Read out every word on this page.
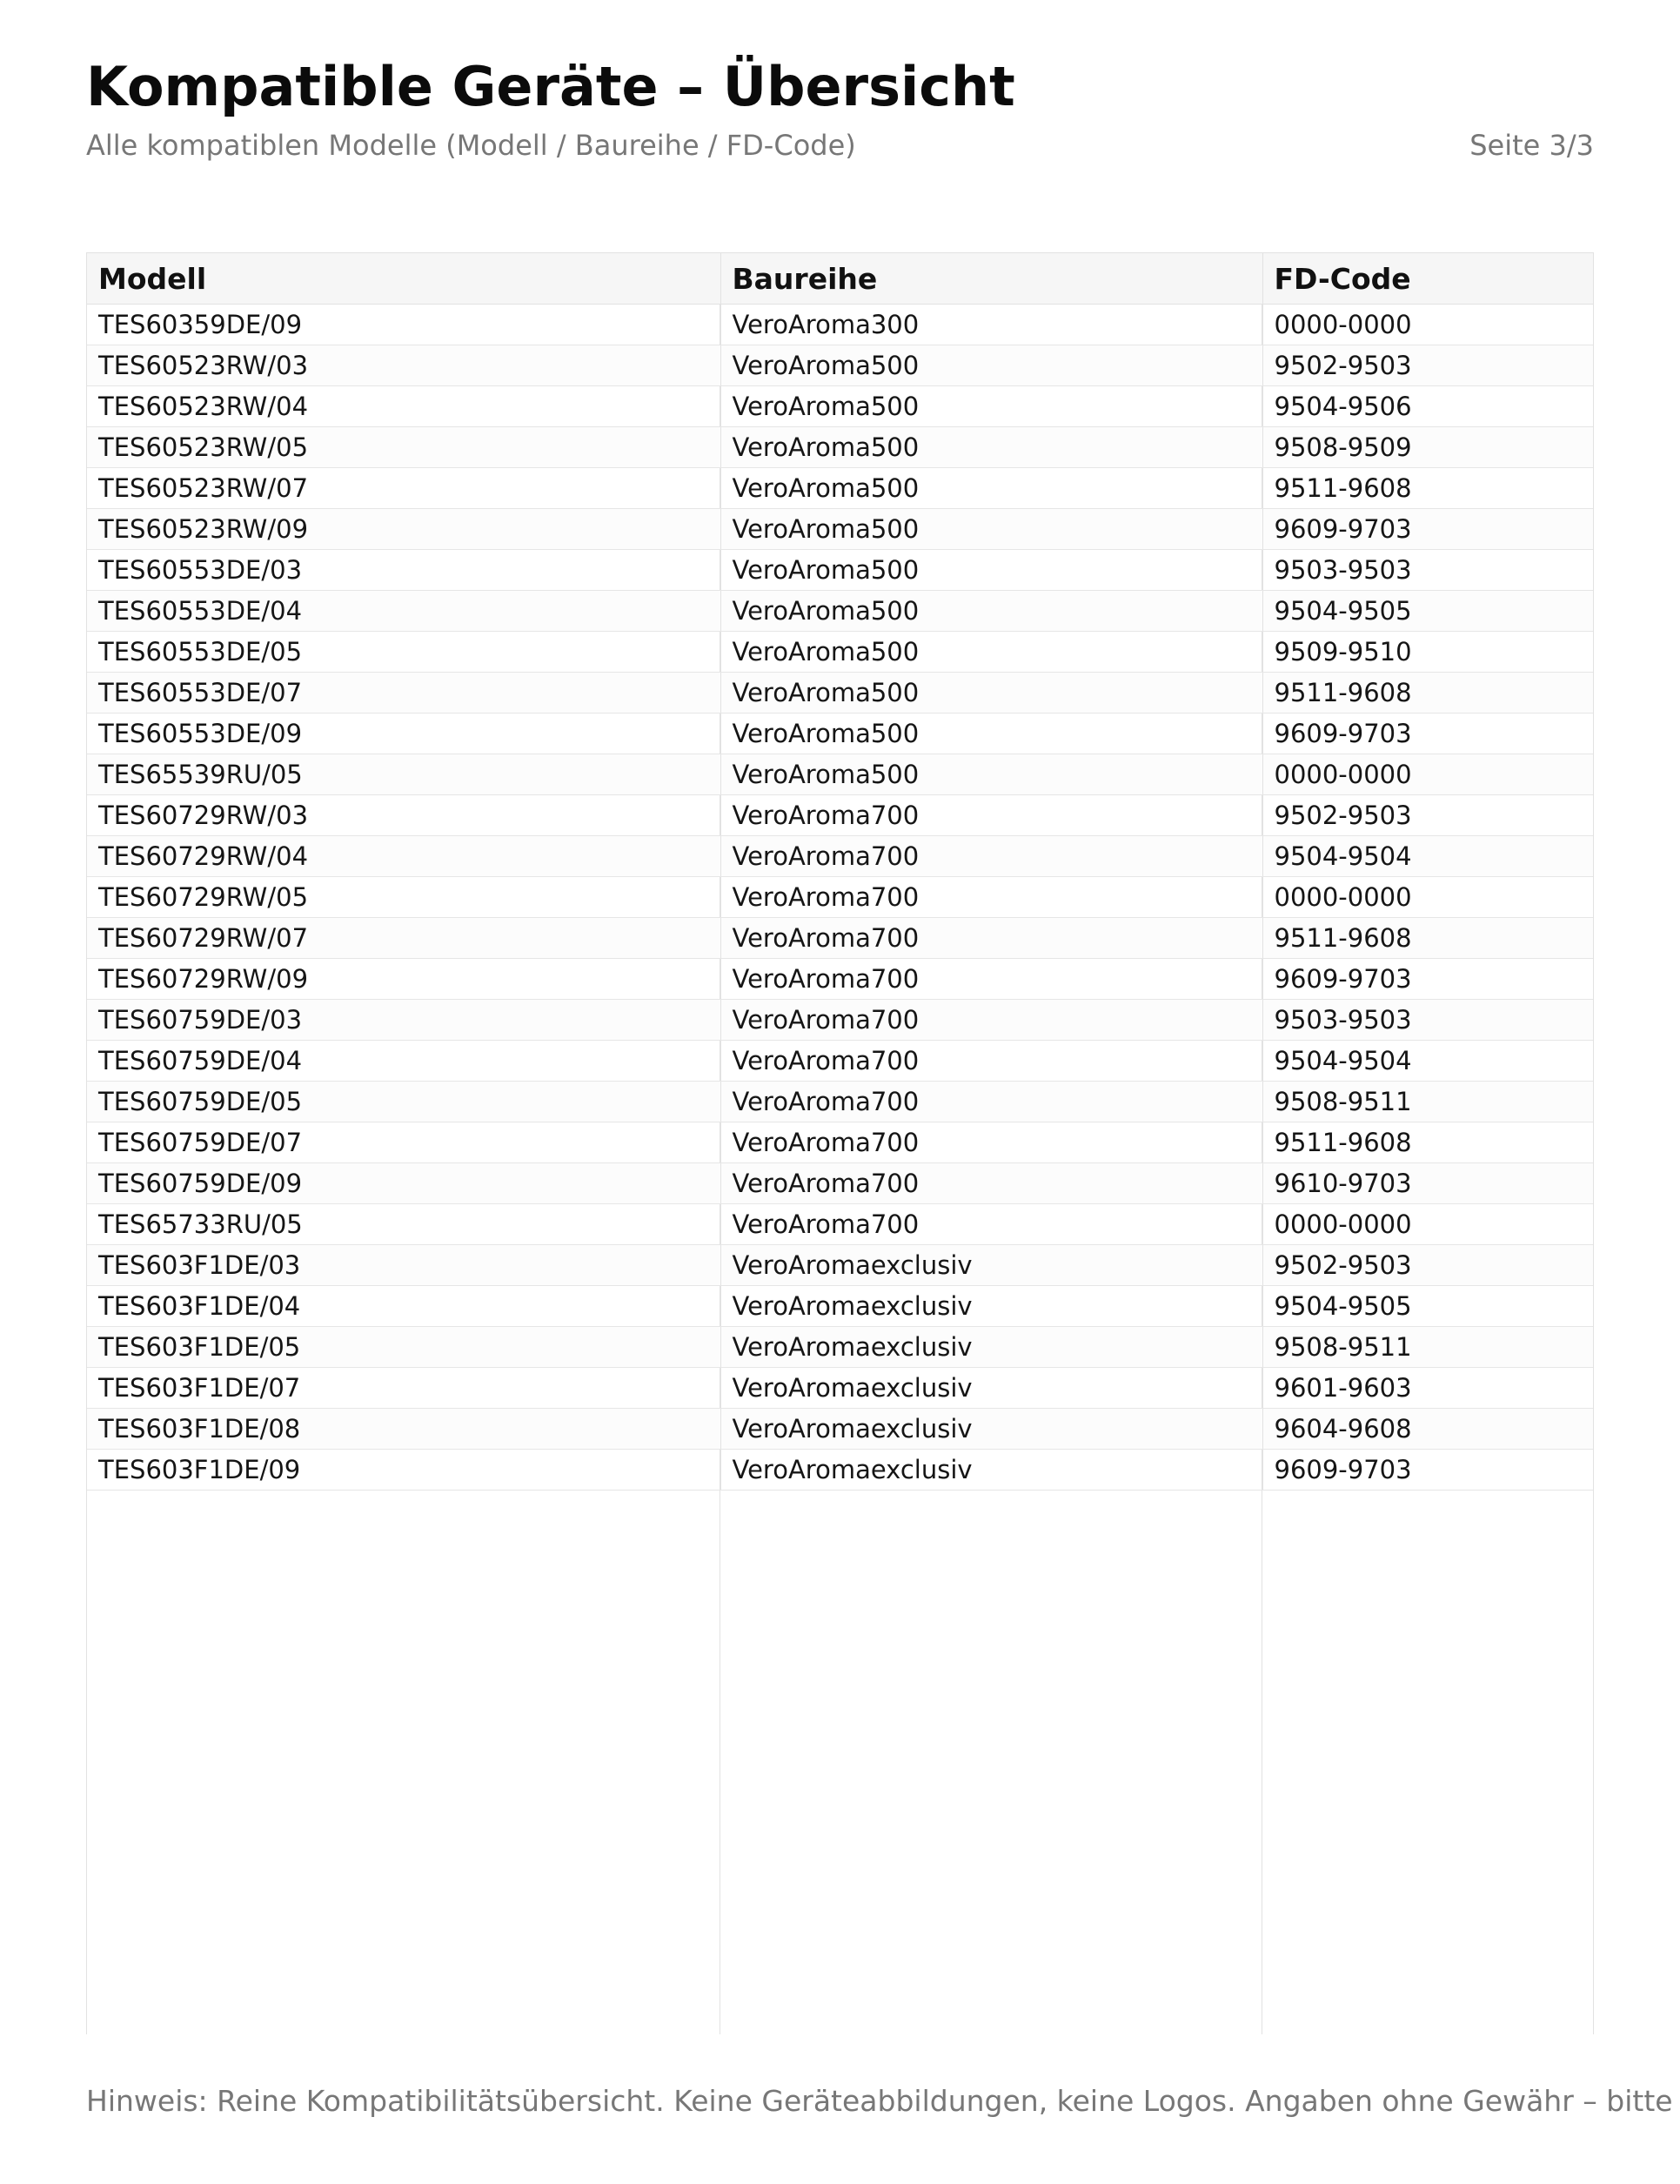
Kompatible Geräte – Übersicht
Alle kompatiblen Modelle (Modell / Baureihe / FD-Code)	Seite 3/3
Modell	Baureihe	FD-Code
TES60359DE/09	VeroAroma300	0000-0000
TES60523RW/03	VeroAroma500	9502-9503
TES60523RW/04	VeroAroma500	9504-9506
TES60523RW/05	VeroAroma500	9508-9509
TES60523RW/07	VeroAroma500	9511-9608
TES60523RW/09	VeroAroma500	9609-9703
TES60553DE/03	VeroAroma500	9503-9503
TES60553DE/04	VeroAroma500	9504-9505
TES60553DE/05	VeroAroma500	9509-9510
TES60553DE/07	VeroAroma500	9511-9608
TES60553DE/09	VeroAroma500	9609-9703
TES65539RU/05	VeroAroma500	0000-0000
TES60729RW/03	VeroAroma700	9502-9503
TES60729RW/04	VeroAroma700	9504-9504
TES60729RW/05	VeroAroma700	0000-0000
TES60729RW/07	VeroAroma700	9511-9608
TES60729RW/09	VeroAroma700	9609-9703
TES60759DE/03	VeroAroma700	9503-9503
TES60759DE/04	VeroAroma700	9504-9504
TES60759DE/05	VeroAroma700	9508-9511
TES60759DE/07	VeroAroma700	9511-9608
TES60759DE/09	VeroAroma700	9610-9703
TES65733RU/05	VeroAroma700	0000-0000
TES603F1DE/03	VeroAromaexclusiv	9502-9503
TES603F1DE/04	VeroAromaexclusiv	9504-9505
TES603F1DE/05	VeroAromaexclusiv	9508-9511
TES603F1DE/07	VeroAromaexclusiv	9601-9603
TES603F1DE/08	VeroAromaexclusiv	9604-9608
TES603F1DE/09	VeroAromaexclusiv	9609-9703
Hinweis: Reine Kompatibilitätsübersicht. Keine Geräteabbildungen, keine Logos. Angaben ohne Gewähr – bitte
